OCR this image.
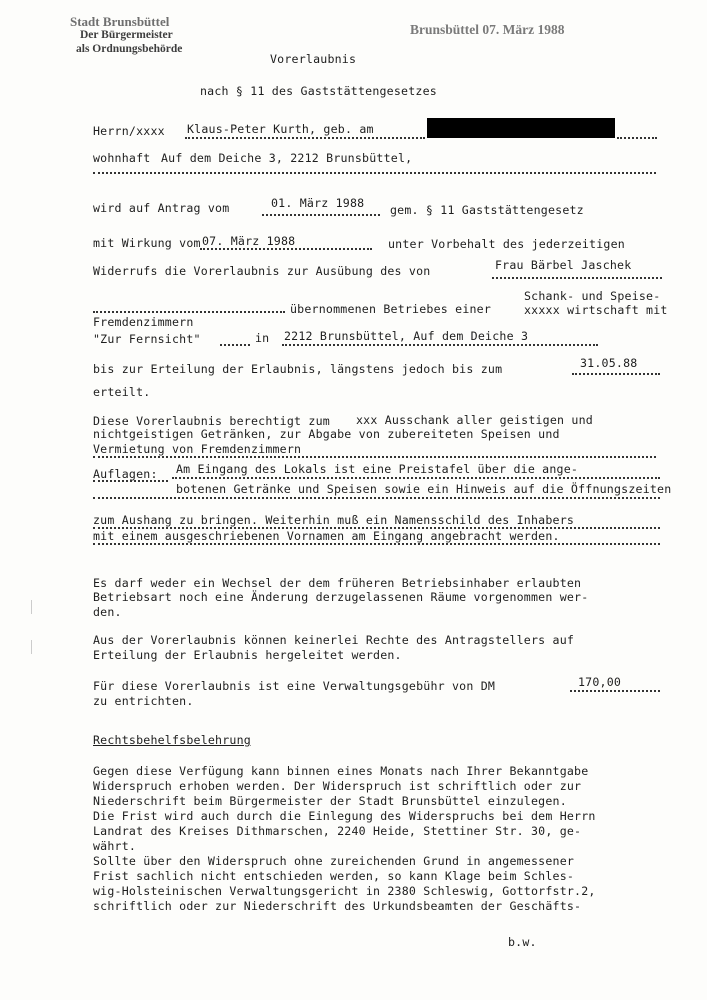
Stadt Brunsbüttel
Der Bürgermeister
als Ordnungsbehörde
Brunsbüttel 07. März 1988
Vorerlaubnis
nach § 11 des Gaststättengesetzes
Herrn/xxxx Klaus-Peter Kurth, geb. am
wohnhaft Auf dem Deiche 3, 2212 Brunsbüttel,
wird auf Antrag vom	01. März 1988 gem. § 11 Gaststättengesetz
mit Wirkung vom 07. März 1988	unter Vorbehalt des jederzeitigen
Widerrufs die Vorerlaubnis zur Ausübung des von	Frau Bärbel Jaschek
Schank- und Speise-
übernommenen Betriebes einer	xxxxx wirtschaft mit
Fremdenzimmern
"Zur Fernsicht"	in 2212 Brunsbüttel, Auf dem Deiche 3
bis zur Erteilung der Erlaubnis, längstens jedoch bis zum	31.05.88
erteilt.
Diese Vorerlaubnis berechtigt zum xxx Ausschank aller geistigen und
nichtgeistigen Getränken, zur Abgabe von zubereiteten Speisen und
Vermietung von Fremdenzimmern
Auflagen: Am Eingang des Lokals ist eine Preistafel über die ange-
botenen Getränke und Speisen sowie ein Hinweis auf die Öffnungszeiten
zum Aushang zu bringen. Weiterhin muß ein Namensschild des Inhabers
mit einem ausgeschriebenen Vornamen am Eingang angebracht werden.
Es darf weder ein Wechsel der dem früheren Betriebsinhaber erlaubten
Betriebsart noch eine Änderung derzugelassenen Räume vorgenommen wer-
den.
Aus der Vorerlaubnis können keinerlei Rechte des Antragstellers auf
Erteilung der Erlaubnis hergeleitet werden.
Für diese Vorerlaubnis ist eine Verwaltungsgebühr von DM	170,00
zu entrichten.
Rechtsbehelfsbelehrung
Gegen diese Verfügung kann binnen eines Monats nach Ihrer Bekanntgabe
Widerspruch erhoben werden. Der Widerspruch ist schriftlich oder zur
Niederschrift beim Bürgermeister der Stadt Brunsbüttel einzulegen.
Die Frist wird auch durch die Einlegung des Widerspruchs bei dem Herrn
Landrat des Kreises Dithmarschen, 2240 Heide, Stettiner Str. 30, ge-
währt.
Sollte über den Widerspruch ohne zureichenden Grund in angemessener
Frist sachlich nicht entschieden werden, so kann Klage beim Schles-
wig-Holsteinischen Verwaltungsgericht in 2380 Schleswig, Gottorfstr.2,
schriftlich oder zur Niederschrift des Urkundsbeamten der Geschäfts-
b.w.
